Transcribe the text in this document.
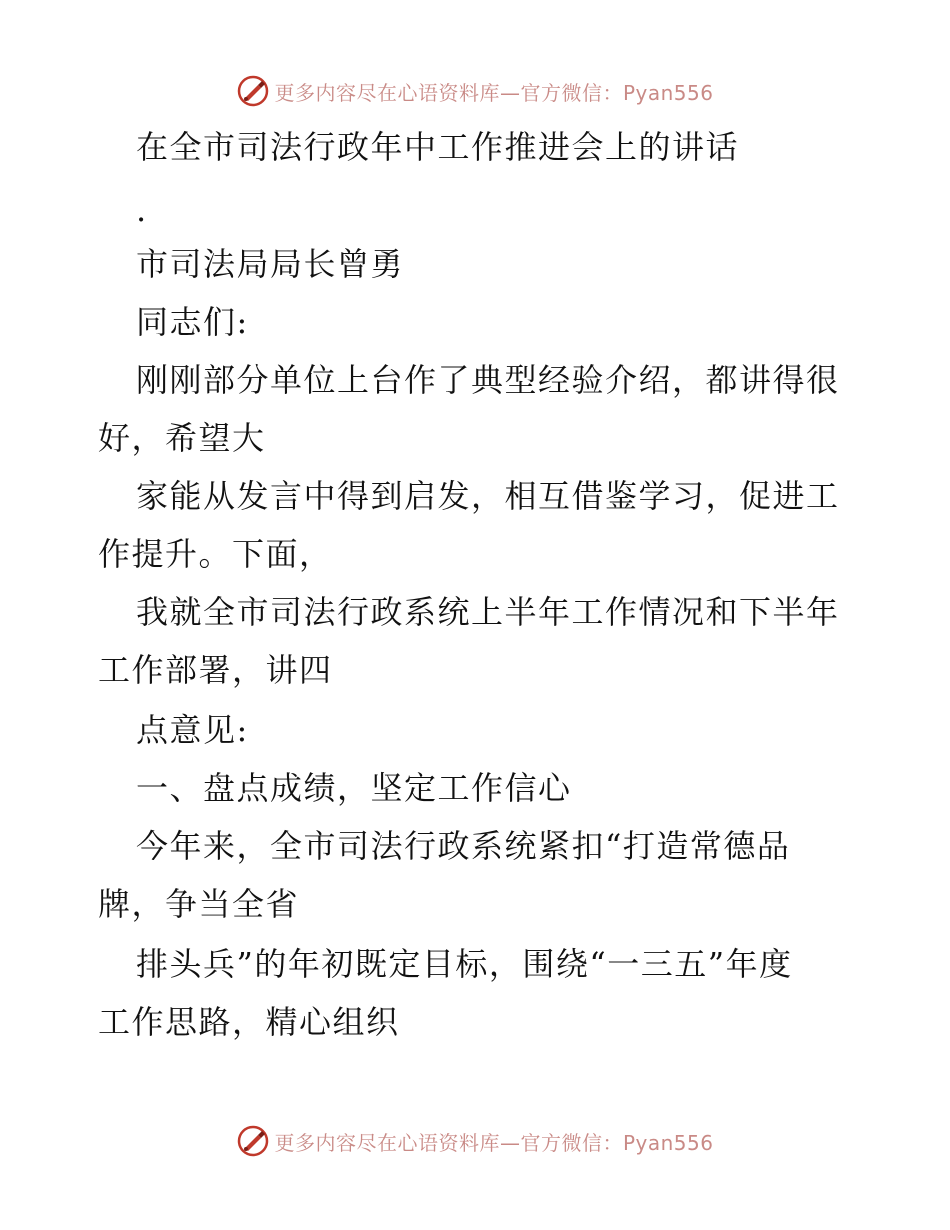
更多内容尽在心语资料库—官方微信：Pyan556
在全市司法行政年中工作推进会上的讲话
.
市司法局局长曾勇
同志们:
刚刚部分单位上台作了典型经验介绍，都讲得很
好，希望大
家能从发言中得到启发，相互借鉴学习，促进工
作提升。下面，
我就全市司法行政系统上半年工作情况和下半年
工作部署，讲四
点意见:
一、盘点成绩，坚定工作信心
今年来，全市司法行政系统紧扣“打造常德品
牌，争当全省
排头兵”的年初既定目标，围绕“一三五”年度
工作思路，精心组织
更多内容尽在心语资料库—官方微信：Pyan556
